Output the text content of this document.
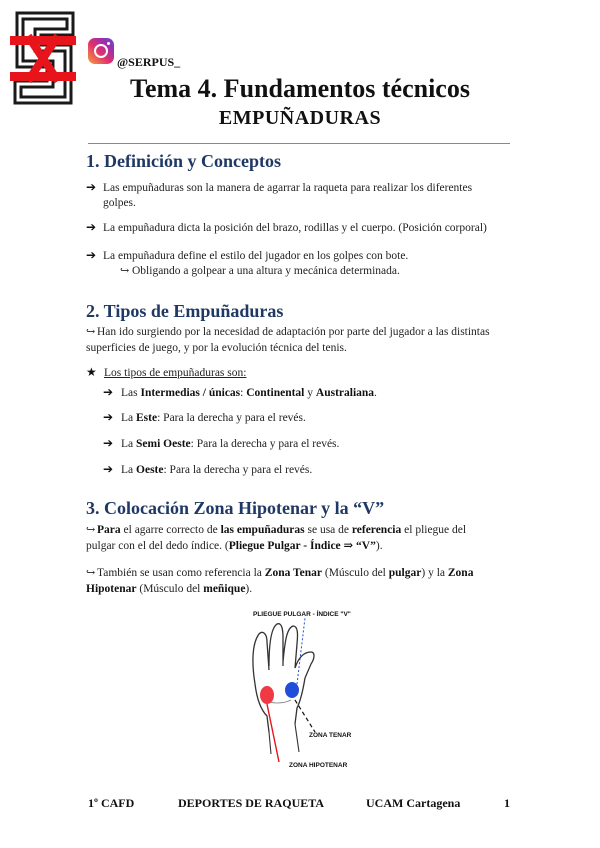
@SERPUS_
Tema 4. Fundamentos técnicos
EMPUÑADURAS
1. Definición y Conceptos
➔ Las empuñaduras son la manera de agarrar la raqueta para realizar los diferentes
golpes.
➔ La empuñadura dicta la posición del brazo, rodillas y el cuerpo. (Posición corporal)
➔ La empuñadura define el estilo del jugador en los golpes con bote.
↪ Obligando a golpear a una altura y mecánica determinada.
2. Tipos de Empuñaduras
↪ Han ido surgiendo por la necesidad de adaptación por parte del jugador a las distintas
superficies de juego, y por la evolución técnica del tenis.
★ Los tipos de empuñaduras son:
➔ Las Intermedias / únicas: Continental y Australiana.
➔ La Este: Para la derecha y para el revés.
➔ La Semi Oeste: Para la derecha y para el revés.
➔ La Oeste: Para la derecha y para el revés.
3. Colocación Zona Hipotenar y la “V”
↪ Para el agarre correcto de las empuñaduras se usa de referencia el pliegue del
pulgar con el del dedo índice. (Pliegue Pulgar - Índice ⇒ “V”).
↪ También se usan como referencia la Zona Tenar (Músculo del pulgar) y la Zona
Hipotenar (Músculo del meñique).
PLIEGUE PULGAR - ÍNDICE "V"
ZONA TENAR
ZONA HIPOTENAR
1º CAFD	DEPORTES DE RAQUETA	UCAM Cartagena	1
